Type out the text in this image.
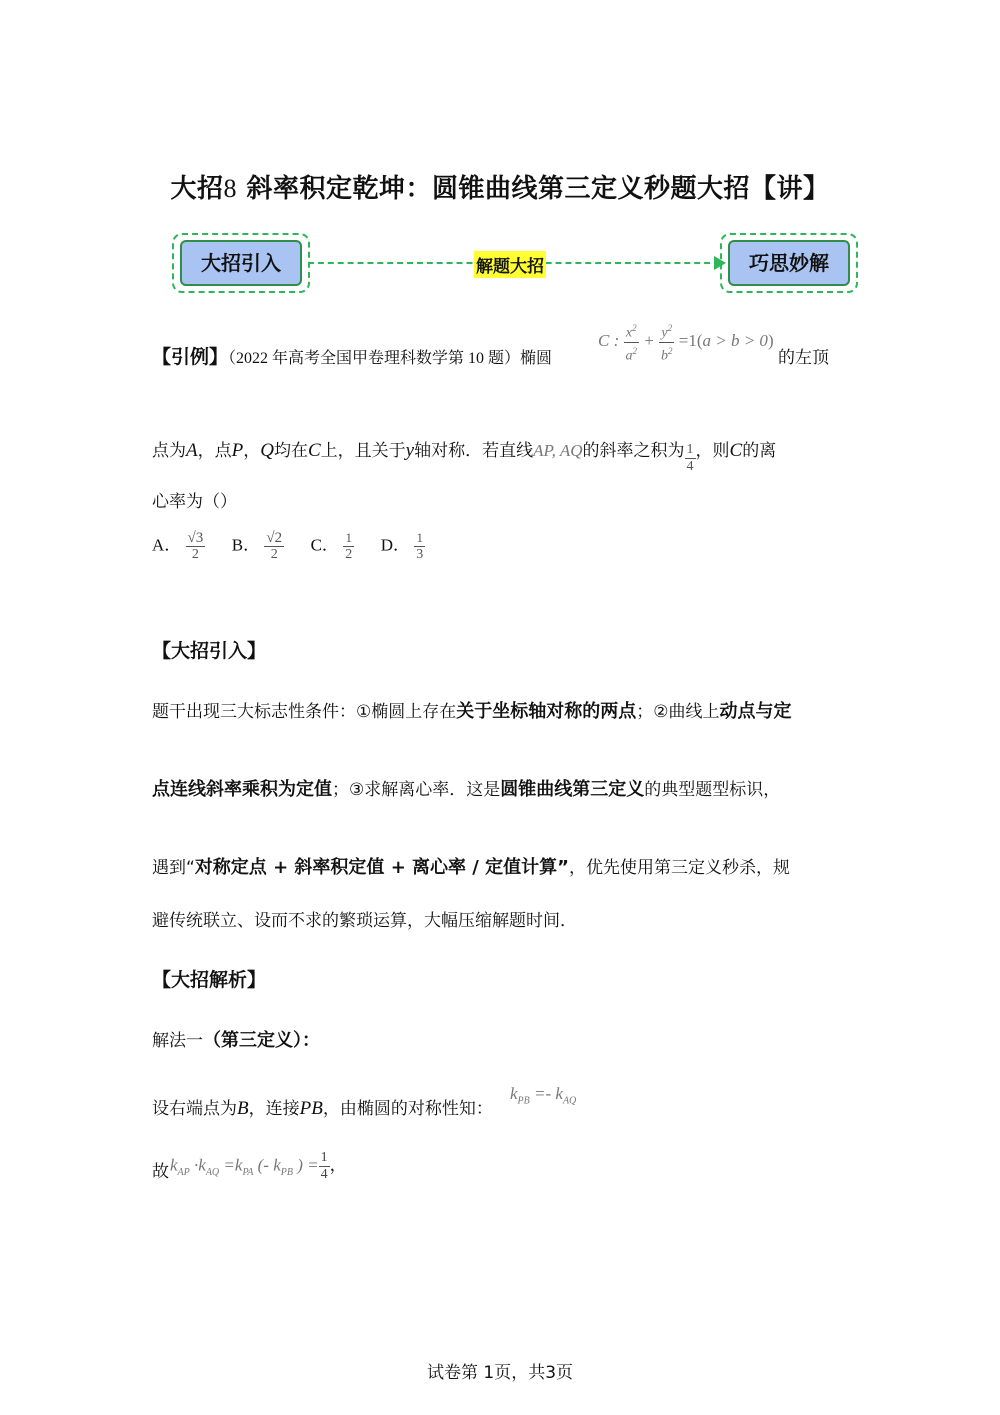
大招8 斜率积定乾坤：圆锥曲线第三定义秒题大招【讲】
大招引入	解题大招	巧思妙解
【引例】（2022 年高考全国甲卷理科数学第 10 题）椭圆
C : $\frac{x^2}{a^2} + \frac{y^2}{b^2} =1(a > b > 0)$
的左顶
点为A，点P，Q均在C上，且关于y轴对称．若直线AP, AQ的斜率之积为 $\frac{1}{4}$ ，则C的离
心率为（）
A． $\frac{√3}{2}$ B． $\frac{√2}{2}$ C． $\frac{1}{2}$ D． $\frac{1}{3}$
【大招引入】
题干出现三大标志性条件：①椭圆上存在关于坐标轴对称的两点；②曲线上动点与定
点连线斜率乘积为定值；③求解离心率．这是圆锥曲线第三定义的典型题型标识，
遇到“对称定点 + 斜率积定值 + 离心率 / 定值计算”，优先使用第三定义秒杀，规
避传统联立、设而不求的繁琐运算，大幅压缩解题时间．
【大招解析】
解法一（第三定义）：
设右端点为B，连接PB，由椭圆的对称性知：
$k_{PB} =- k_{AQ}$
故 $k_{AP} \cdot k_{AQ} =k_{PA}$ (- $k_{PB}$ ) = $\frac{1}{4}$ ，
试卷第 1页，共3页
